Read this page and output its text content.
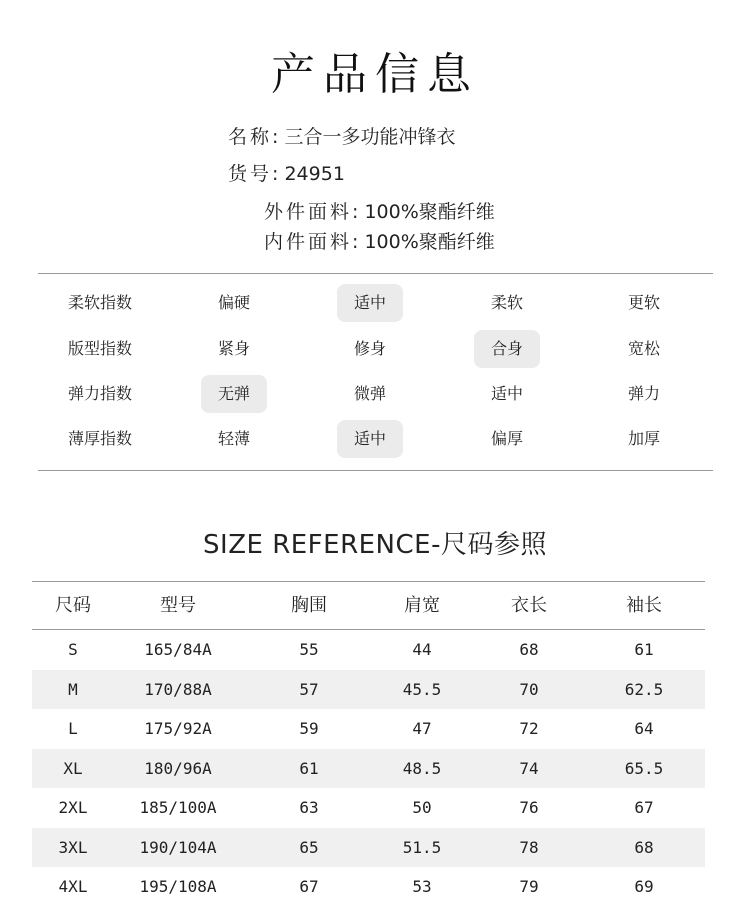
产品信息
名称: 三合一多功能冲锋衣
货号: 24951
外件面料: 100%聚酯纤维
内件面料: 100%聚酯纤维
柔软指数	偏硬	适中	柔软	更软
版型指数	紧身	修身	合身	宽松
弹力指数	无弹	微弹	适中	弹力
薄厚指数	轻薄	适中	偏厚	加厚
SIZE REFERENCE-尺码参照
尺码	型号	胸围	肩宽	衣长	袖长
S	165/84A	55	44	68	61
M	170/88A	57	45.5	70	62.5
L	175/92A	59	47	72	64
XL	180/96A	61	48.5	74	65.5
2XL	185/100A	63	50	76	67
3XL	190/104A	65	51.5	78	68
4XL	195/108A	67	53	79	69
